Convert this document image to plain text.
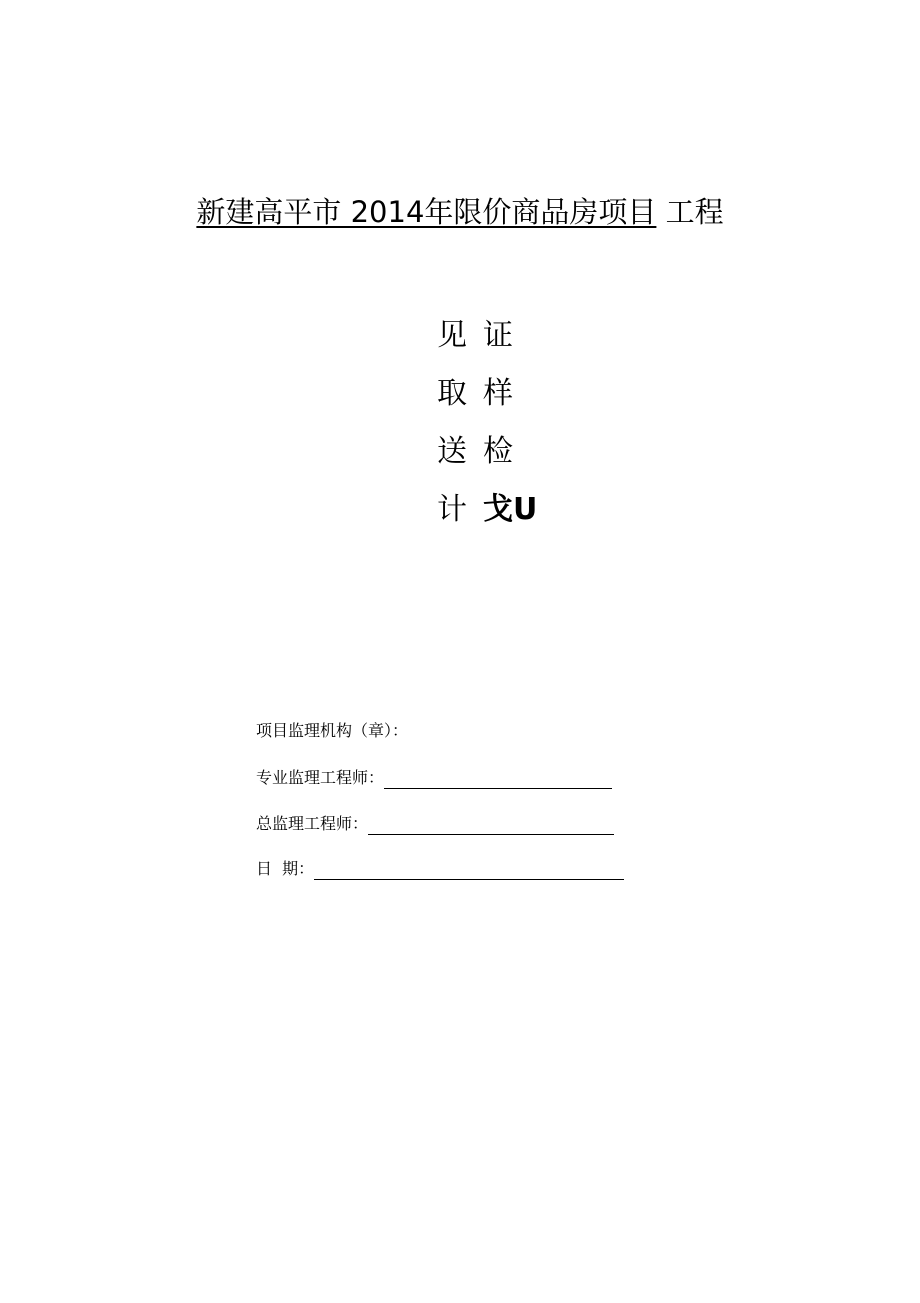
新建高平市 2014年限价商品房项目 工程
见 证
取 样
送 检
计 戈U
项目监理机构（章）：
专业监理工程师：
总监理工程师：
日  期：
